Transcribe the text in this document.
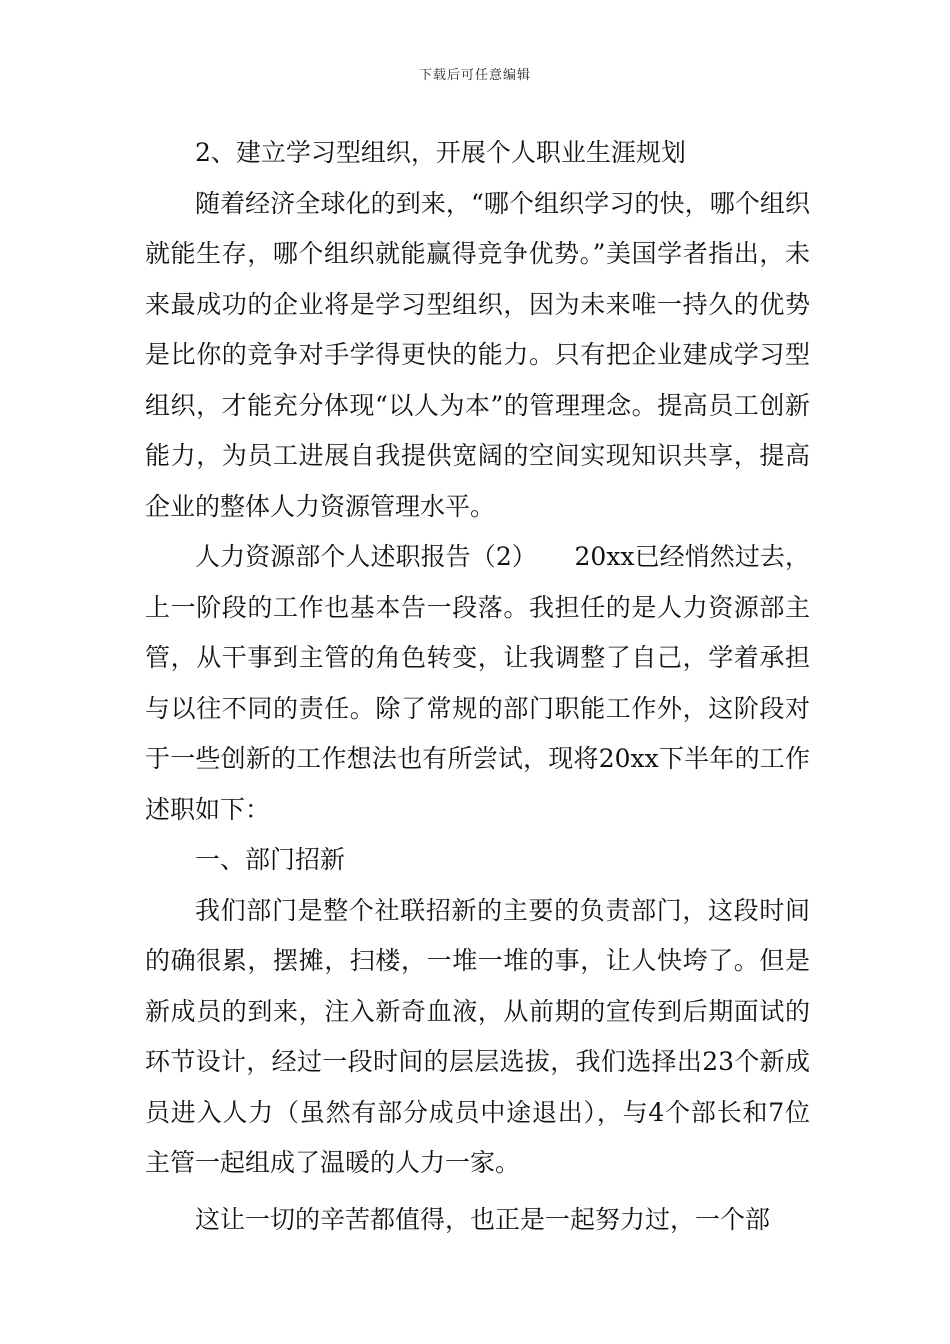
下载后可任意编辑

2、建立学习型组织，开展个人职业生涯规划

随着经济全球化的到来，“哪个组织学习的快，哪个组织就能生存，哪个组织就能赢得竞争优势。”美国学者指出，未来最成功的企业将是学习型组织，因为未来唯一持久的优势是比你的竞争对手学得更快的能力。只有把企业建成学习型组织，才能充分体现“以人为本”的管理理念。提高员工创新能力，为员工进展自我提供宽阔的空间实现知识共享，提高企业的整体人力资源管理水平。

人力资源部个人述职报告（2）　　20xx已经悄然过去，上一阶段的工作也基本告一段落。我担任的是人力资源部主管，从干事到主管的角色转变，让我调整了自己，学着承担与以往不同的责任。除了常规的部门职能工作外，这阶段对于一些创新的工作想法也有所尝试，现将20xx下半年的工作述职如下：

一、部门招新

我们部门是整个社联招新的主要的负责部门，这段时间的确很累，摆摊，扫楼，一堆一堆的事，让人快垮了。但是新成员的到来，注入新奇血液，从前期的宣传到后期面试的环节设计，经过一段时间的层层选拔，我们选择出23个新成员进入人力（虽然有部分成员中途退出），与4个部长和7位主管一起组成了温暖的人力一家。

这让一切的辛苦都值得，也正是一起努力过，一个部
